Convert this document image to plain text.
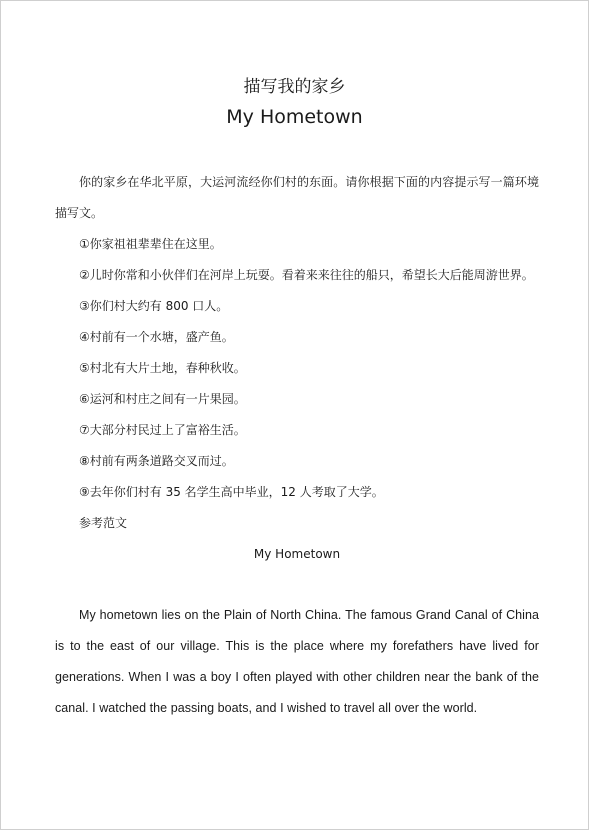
描写我的家乡
My Hometown

你的家乡在华北平原，大运河流经你们村的东面。请你根据下面的内容提示写一篇环境描写文。

①你家祖祖辈辈住在这里。

②儿时你常和小伙伴们在河岸上玩耍。看着来来往往的船只，希望长大后能周游世界。

③你们村大约有 800 口人。

④村前有一个水塘，盛产鱼。

⑤村北有大片土地，春种秋收。

⑥运河和村庄之间有一片果园。

⑦大部分村民过上了富裕生活。

⑧村前有两条道路交叉而过。

⑨去年你们村有 35 名学生高中毕业，12 人考取了大学。

参考范文

My Hometown

My hometown lies on the Plain of North China. The famous Grand Canal of China is to the east of our village. This is the place where my forefathers have lived for generations. When I was a boy I often played with other children near the bank of the canal. I watched the passing boats, and I wished to travel all over the world.
